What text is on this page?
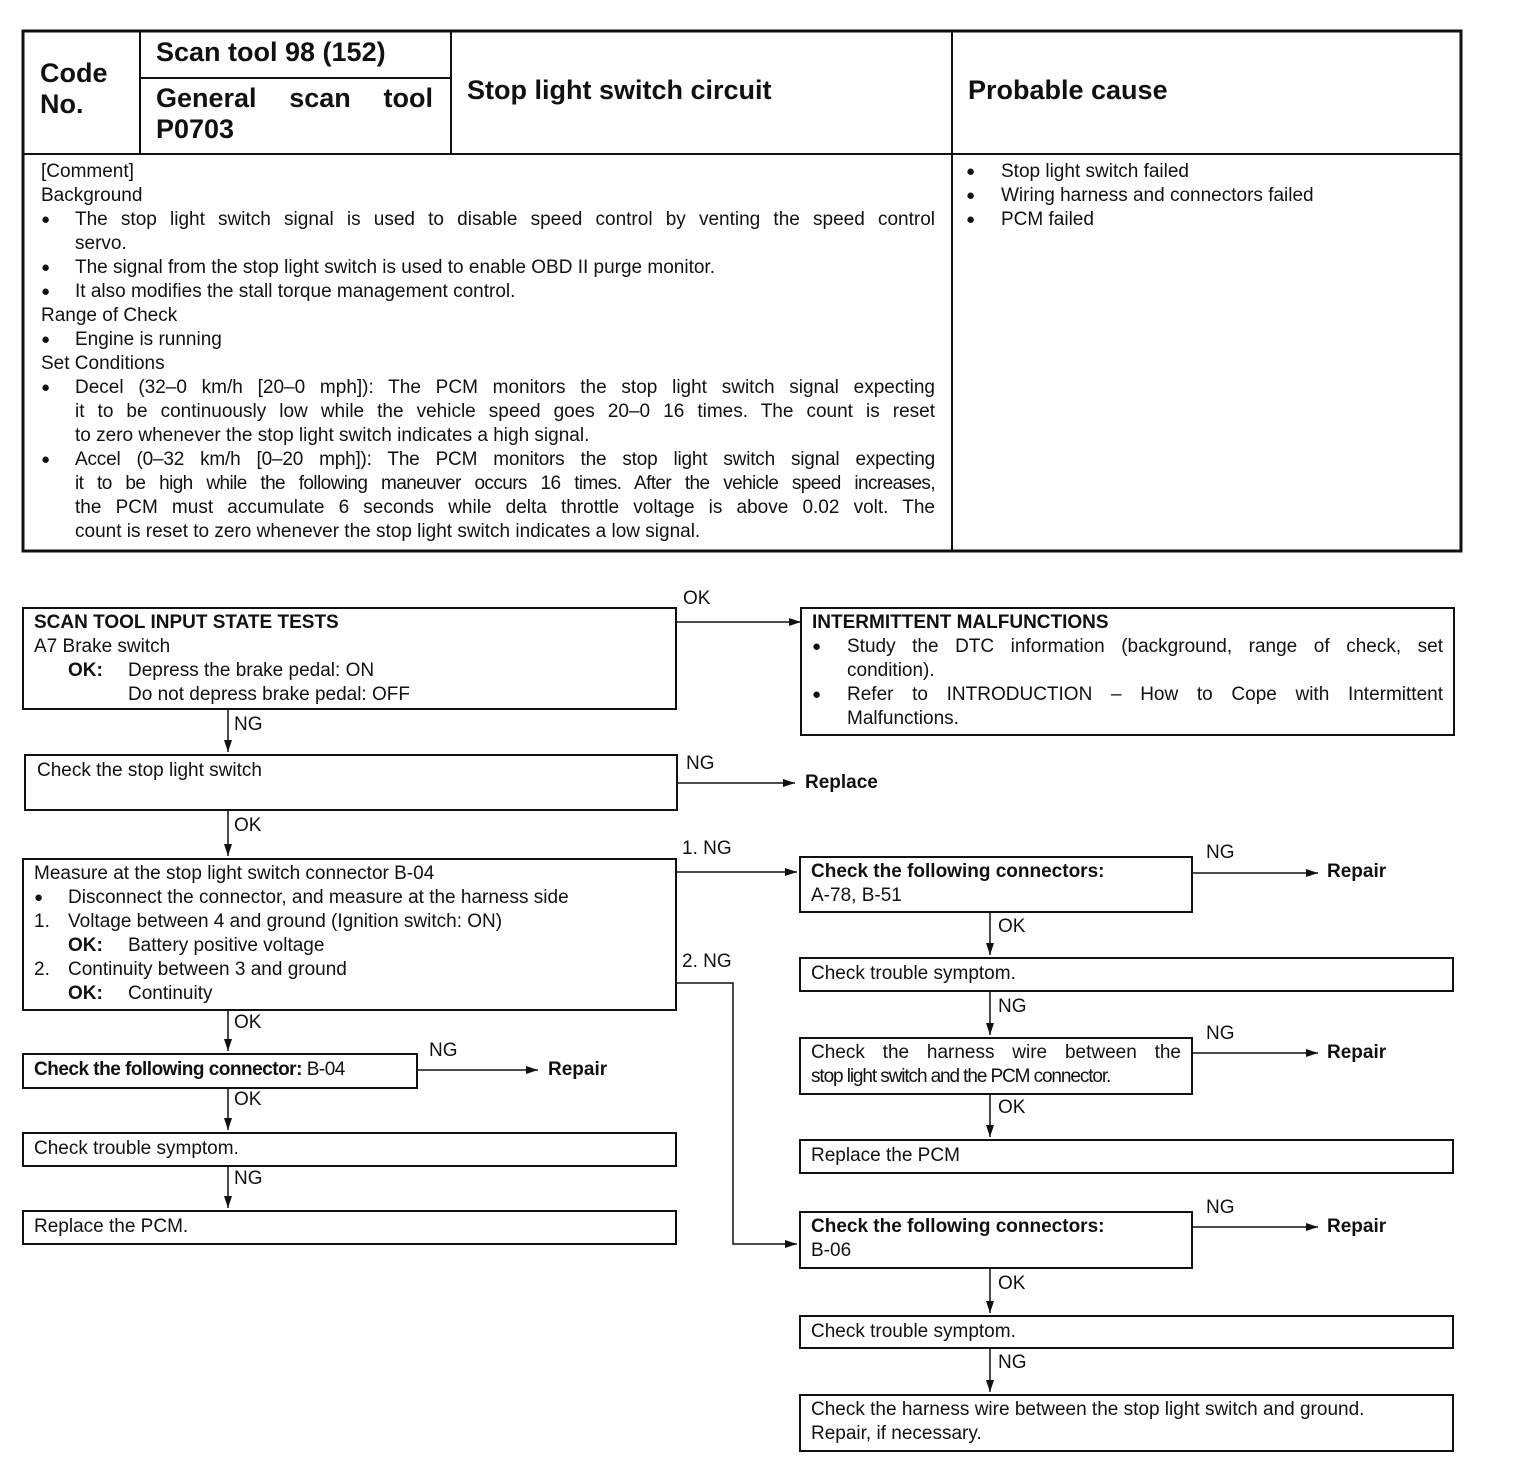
Code
No.
Scan tool 98 (152)
General scan tool
P0703
Stop light switch circuit	Probable cause
[Comment]
Background
● The stop light switch signal is used to disable speed control by venting the speed control
servo.
● The signal from the stop light switch is used to enable OBD II purge monitor.
● It also modifies the stall torque management control.
Range of Check
● Engine is running
Set Conditions
● Decel (32–0 km/h [20–0 mph]): The PCM monitors the stop light switch signal expecting
it to be continuously low while the vehicle speed goes 20–0 16 times. The count is reset
to zero whenever the stop light switch indicates a high signal.
● Accel (0–32 km/h [0–20 mph]): The PCM monitors the stop light switch signal expecting
it to be high while the following maneuver occurs 16 times. After the vehicle speed increases,
the PCM must accumulate 6 seconds while delta throttle voltage is above 0.02 volt. The
count is reset to zero whenever the stop light switch indicates a low signal.
● Stop light switch failed
● Wiring harness and connectors failed
● PCM failed
SCAN TOOL INPUT STATE TESTS
A7 Brake switch
OK: Depress the brake pedal: ON
Do not depress brake pedal: OFF
INTERMITTENT MALFUNCTIONS
● Study the DTC information (background, range of check, set
condition).
● Refer to INTRODUCTION – How to Cope with Intermittent
Malfunctions.
Check the stop light switch
Replace
Measure at the stop light switch connector B-04
● Disconnect the connector, and measure at the harness side
1. Voltage between 4 and ground (Ignition switch: ON)
OK: Battery positive voltage
2. Continuity between 3 and ground
OK: Continuity
Check the following connector: B-04	Repair
Check trouble symptom.
Replace the PCM.
Check the following connectors:
A-78, B-51
Repair
Check trouble symptom.
Check the harness wire between the
stop light switch and the PCM connector.
Repair
Replace the PCM
Check the following connectors:
B-06
Repair
Check trouble symptom.
Check the harness wire between the stop light switch and ground.
Repair, if necessary.
OK
NG
NG
OK
1. NG
2. NG
OK
NG
OK
NG
NG
OK
NG
NG
OK
NG
OK
NG
